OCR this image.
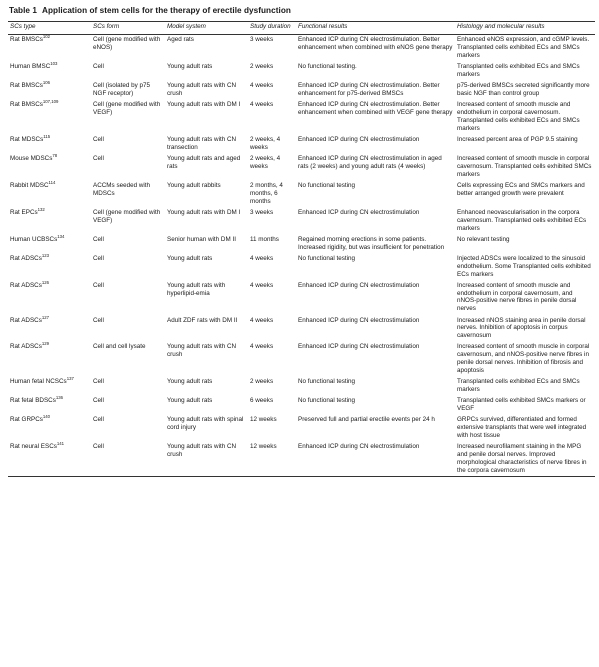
Table 1 Application of stem cells for the therapy of erectile dysfunction
SCs type	SCs form	Model system	Study duration	Functional results	Histology and molecular results
Rat BMSCs$^{102}$	Cell (gene modified with eNOS)	Aged rats	3 weeks	Enhanced ICP during CN electrostimulation. Better enhancement when combined with eNOS gene therapy	Enhanced eNOS expression, and cGMP levels. Transplanted cells exhibited ECs and SMCs markers
Human BMSC$^{103}$	Cell	Young adult rats	2 weeks	No functional testing.	Transplanted cells exhibited ECs and SMCs markers
Rat BMSCs$^{106}$	Cell (isolated by p75 NGF receptor)	Young adult rats with CN crush	4 weeks	Enhanced ICP during CN electrostimulation. Better enhancement for p75-derived BMSCs	p75-derived BMSCs secreted significantly more basic NGF than control group
Rat BMSCs$^{107,109}$	Cell (gene modified with VEGF)	Young adult rats with DM I	4 weeks	Enhanced ICP during CN electrostimulation. Better enhancement when combined with VEGF gene therapy	Increased content of smooth muscle and endothelium in corporal cavernosum. Transplanted cells exhibited ECs and SMCs markers
Rat MDSCs$^{115}$	Cell	Young adult rats with CN transection	2 weeks, 4 weeks	Enhanced ICP during CN electrostimulation	Increased percent area of PGP 9.5 staining
Mouse MDSCs$^{78}$	Cell	Young adult rats and aged rats	2 weeks, 4 weeks	Enhanced ICP during CN electrostimulation in aged rats (2 weeks) and young adult rats (4 weeks)	Increased content of smooth muscle in corporal cavernosum. Transplanted cells exhibited SMCs markers
Rabbit MDSC$^{114}$	ACCMs seeded with MDSCs	Young adult rabbits	2 months, 4 months, 6 months	No functional testing	Cells expressing ECs and SMCs markers and better arranged growth were prevalent
Rat EPCs$^{132}$	Cell (gene modified with VEGF)	Young adult rats with DM I	3 weeks	Enhanced ICP during CN electrostimulation	Enhanced neovascularisation in the corpora cavernosum. Transplanted cells exhibited ECs markers
Human UCBSCs$^{134}$	Cell	Senior human with DM II	11 months	Regained morning erections in some patients. Increased rigidity, but was insufficient for penetration	No relevant testing
Rat ADSCs$^{123}$	Cell	Young adult rats	4 weeks	No functional testing	Injected ADSCs were localized to the sinusoid endothelium. Some Transplanted cells exhibited ECs markers
Rat ADSCs$^{126}$	Cell	Young adult rats with hyperlipid-emia	4 weeks	Enhanced ICP during CN electrostimulation	Increased content of smooth muscle and endothelium in corporal cavernosum, and nNOS-positive nerve fibres in penile dorsal nerves
Rat ADSCs$^{127}$	Cell	Adult ZDF rats with DM II	4 weeks	Enhanced ICP during CN electrostimulation	Increased nNOS staining area in penile dorsal nerves. Inhibition of apoptosis in corpus cavernosum
Rat ADSCs$^{129}$	Cell and cell lysate	Young adult rats with CN crush	4 weeks	Enhanced ICP during CN electrostimulation	Increased content of smooth muscle in corporal cavernosum, and nNOS-positive nerve fibres in penile dorsal nerves. Inhibition of fibrosis and apoptosis
Human fetal NCSCs$^{137}$	Cell	Young adult rats	2 weeks	No functional testing	Transplanted cells exhibited ECs and SMCs markers
Rat fetal BDSCs$^{136}$	Cell	Young adult rats	6 weeks	No functional testing	Transplanted cells exhibited SMCs markers or VEGF
Rat GRPCs$^{140}$	Cell	Young adult rats with spinal cord injury	12 weeks	Preserved full and partial erectile events per 24 h	GRPCs survived, differentiated and formed extensive transplants that were well integrated with host tissue
Rat neural ESCs$^{141}$	Cell	Young adult rats with CN crush	12 weeks	Enhanced ICP during CN electrostimulation	Increased neurofilament staining in the MPG and penile dorsal nerves. Improved morphological characteristics of nerve fibres in the corpora cavernosum
